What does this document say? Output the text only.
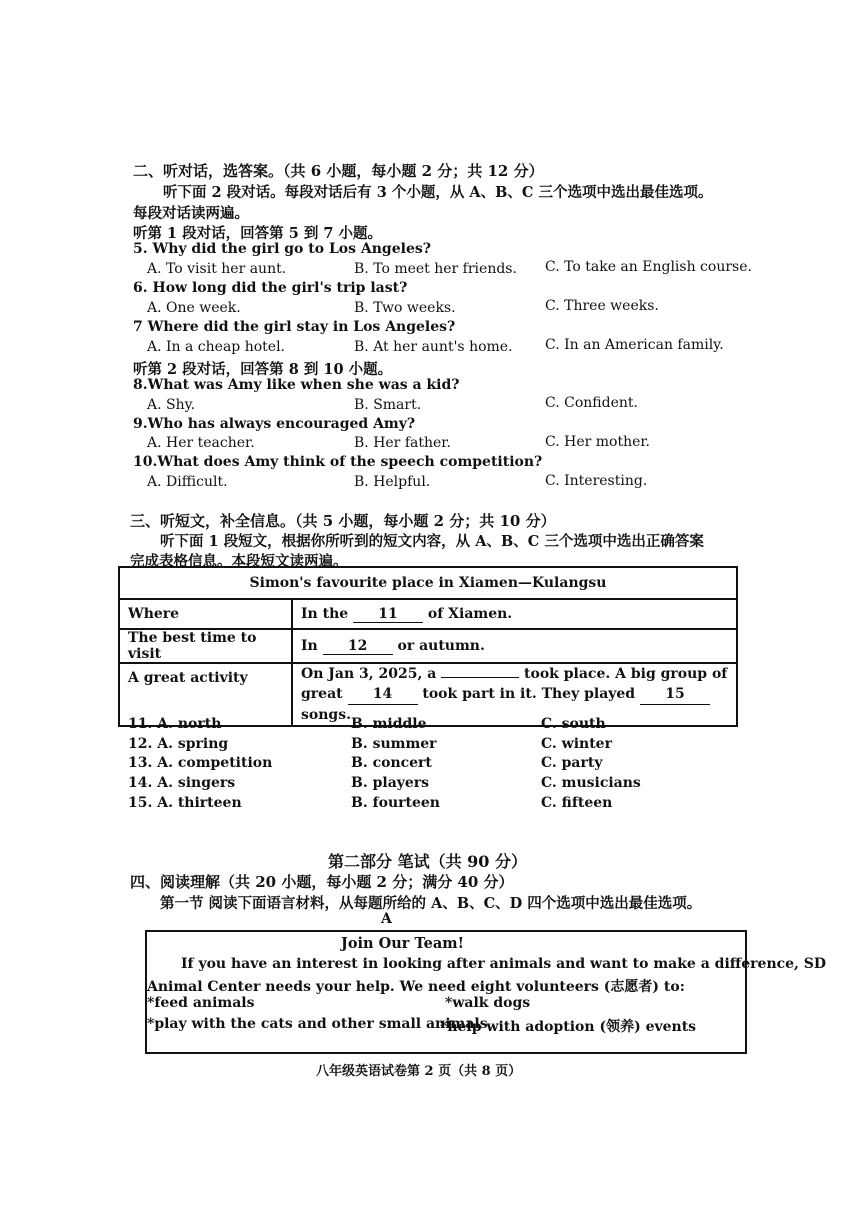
二、听对话，选答案。（共 6 小题，每小题 2 分；共 12 分）
听下面 2 段对话。每段对话后有 3 个小题，从 A、B、C 三个选项中选出最佳选项。
每段对话读两遍。
听第 1 段对话，回答第 5 到 7 小题。
5. Why did the girl go to Los Angeles?
A. To visit her aunt.	B. To meet her friends. C. To take an English course.
6. How long did the girl's trip last?
A. One week.	B. Two weeks.	C. Three weeks.
7 Where did the girl stay in Los Angeles?
A. In a cheap hotel.	B. At her aunt's home. C. In an American family.
听第 2 段对话，回答第 8 到 10 小题。
8.What was Amy like when she was a kid?
A. Shy.	B. Smart.	C. Confident.
9.Who has always encouraged Amy?
A. Her teacher.	B. Her father.	C. Her mother.
10.What does Amy think of the speech competition?
A. Difficult.	B. Helpful.	C. Interesting.
三、听短文，补全信息。（共 5 小题，每小题 2 分；共 10 分）
听下面 1 段短文，根据你所听到的短文内容，从 A、B、C 三个选项中选出正确答案
完成表格信息。本段短文读两遍。
Simon's favourite place in Xiamen—Kulangsu	
Where	In the 11 of Xiamen.
The best time to visit	In 12 or autumn.
A great activity	On Jan 3, 2025, a took place. A big group of great 14 took part in it. They played 15 songs.
11. A. north	B. middle	C. south
12. A. spring	B. summer	C. winter
13. A. competition	B. concert	C. party
14. A. singers	B. players	C. musicians
15. A. thirteen	B. fourteen	C. fifteen
第二部分 笔试（共 90 分）
四、阅读理解（共 20 小题，每小题 2 分；满分 40 分）
第一节 阅读下面语言材料，从每题所给的 A、B、C、D 四个选项中选出最佳选项。
A
Join Our Team!
If you have an interest in looking after animals and want to make a difference, SD
Animal Center needs your help. We need eight volunteers (志愿者) to:
*feed animals	*walk dogs
*play with the cats and other small animals
*help with adoption (领养) events
八年级英语试卷第 2 页（共 8 页）
